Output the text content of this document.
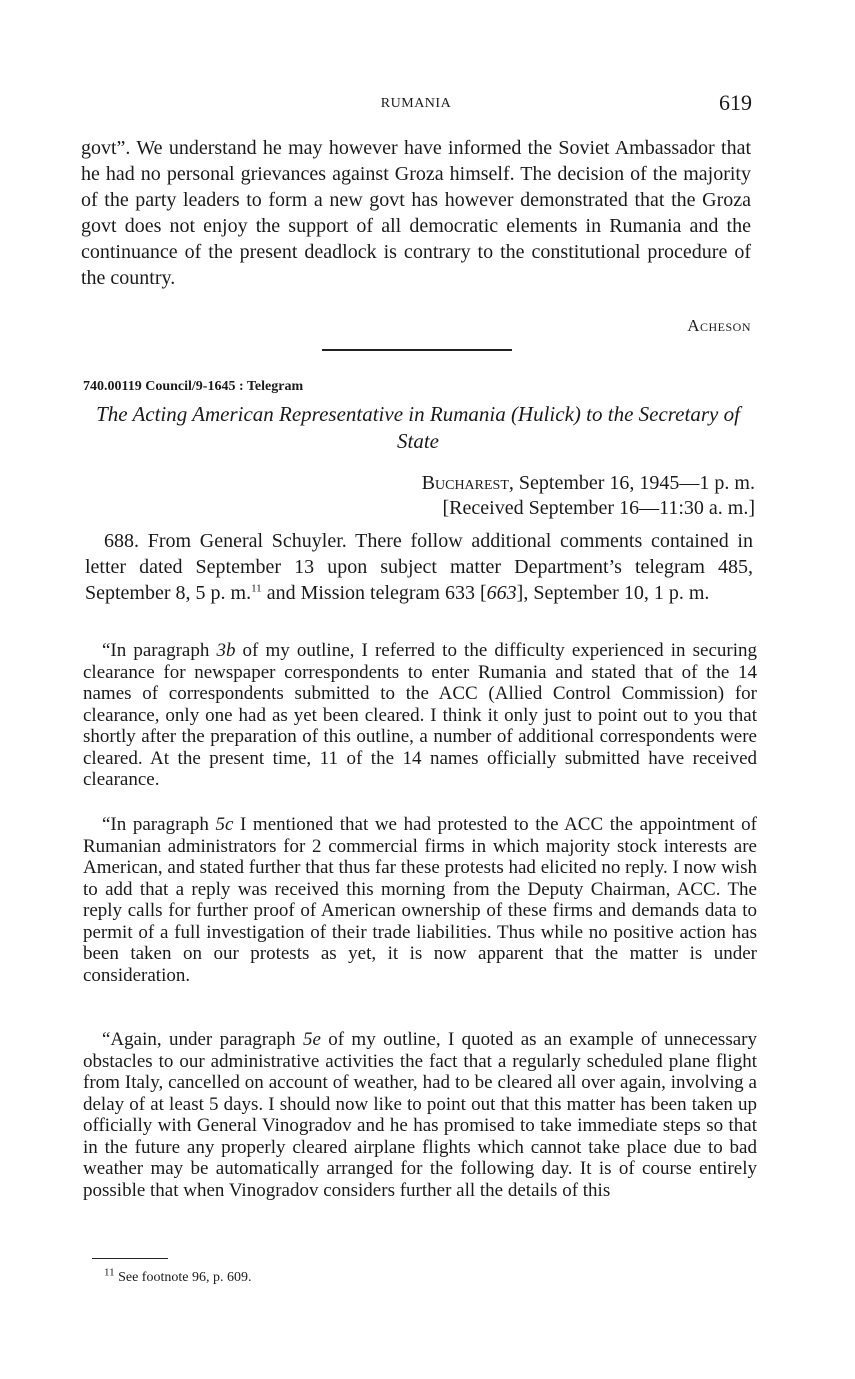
RUMANIA	619

govt”. We understand he may however have informed the Soviet Ambassador that he had no personal grievances against Groza himself. The decision of the majority of the party leaders to form a new govt has however demonstrated that the Groza govt does not enjoy the support of all democratic elements in Rumania and the continuance of the present deadlock is contrary to the constitutional procedure of the country.

Acheson
740.00119 Council/9-1645 : Telegram
The Acting American Representative in Rumania (Hulick) to the Secretary of State
Bucharest, September 16, 1945—1 p. m.
[Received September 16—11:30 a. m.]

688. From General Schuyler. There follow additional comments contained in letter dated September 13 upon subject matter Department’s telegram 485, September 8, 5 p. m.$^{11}$ and Mission telegram 633 [663], September 10, 1 p. m.

“In paragraph 3b of my outline, I referred to the difficulty experienced in securing clearance for newspaper correspondents to enter Rumania and stated that of the 14 names of correspondents submitted to the ACC (Allied Control Commission) for clearance, only one had as yet been cleared. I think it only just to point out to you that shortly after the preparation of this outline, a number of additional correspondents were cleared. At the present time, 11 of the 14 names officially submitted have received clearance.

“In paragraph 5c I mentioned that we had protested to the ACC the appointment of Rumanian administrators for 2 commercial firms in which majority stock interests are American, and stated further that thus far these protests had elicited no reply. I now wish to add that a reply was received this morning from the Deputy Chairman, ACC. The reply calls for further proof of American ownership of these firms and demands data to permit of a full investigation of their trade liabilities. Thus while no positive action has been taken on our protests as yet, it is now apparent that the matter is under consideration.

“Again, under paragraph 5e of my outline, I quoted as an example of unnecessary obstacles to our administrative activities the fact that a regularly scheduled plane flight from Italy, cancelled on account of weather, had to be cleared all over again, involving a delay of at least 5 days. I should now like to point out that this matter has been taken up officially with General Vinogradov and he has promised to take immediate steps so that in the future any properly cleared airplane flights which cannot take place due to bad weather may be automatically arranged for the following day. It is of course entirely possible that when Vinogradov considers further all the details of this

$^{11}$ See footnote 96, p. 609.
